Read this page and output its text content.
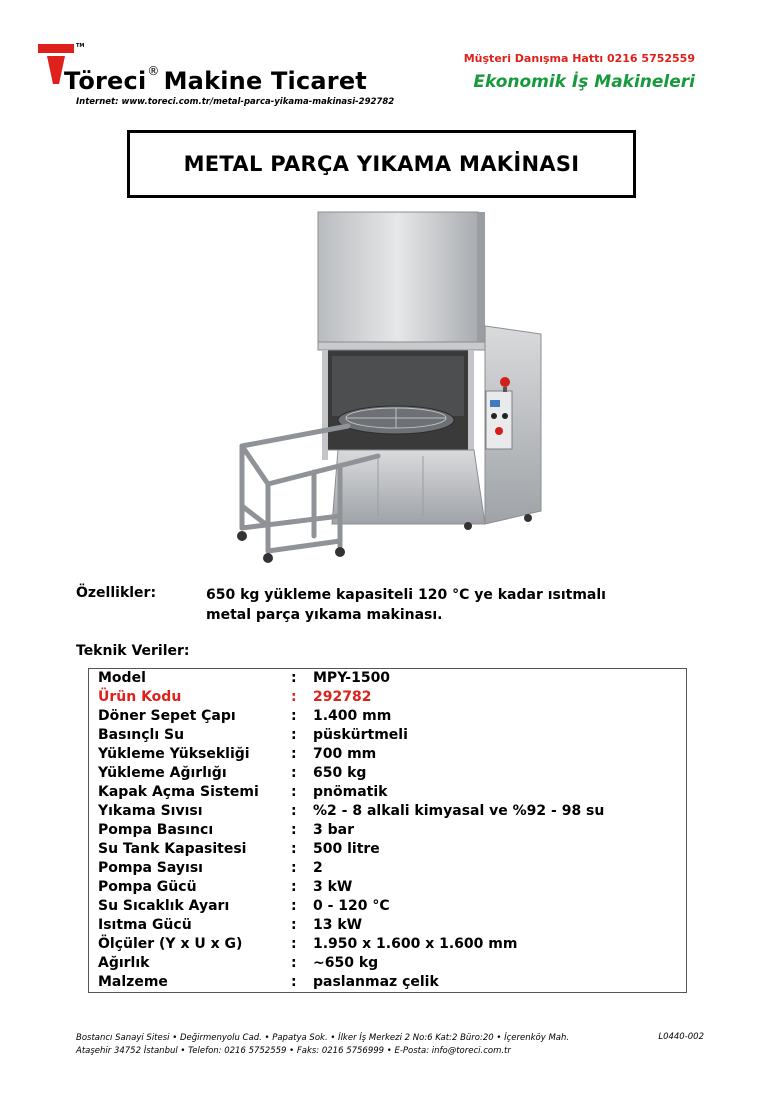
TM
Töreci® Makine Ticaret
Internet: www.toreci.com.tr/metal-parca-yikama-makinasi-292782
Müşteri Danışma Hattı 0216 5752559
Ekonomik İş Makineleri
METAL PARÇA YIKAMA MAKİNASI
Özellikler:	650 kg yükleme kapasiteli 120 °C ye kadar ısıtmalı
metal parça yıkama makinası.
Teknik Veriler:
Model	:	MPY-1500
Ürün Kodu	:	292782
Döner Sepet Çapı	:	1.400 mm
Basınçlı Su	:	püskürtmeli
Yükleme Yüksekliği	:	700 mm
Yükleme Ağırlığı	:	650 kg
Kapak Açma Sistemi	:	pnömatik
Yıkama Sıvısı	:	%2 - 8 alkali kimyasal ve %92 - 98 su
Pompa Basıncı	:	3 bar
Su Tank Kapasitesi	:	500 litre
Pompa Sayısı	:	2
Pompa Gücü	:	3 kW
Su Sıcaklık Ayarı	:	0 - 120 °C
Isıtma Gücü	:	13 kW
Ölçüler (Y x U x G)	:	1.950 x 1.600 x 1.600 mm
Ağırlık	:	~650 kg
Malzeme	:	paslanmaz çelik
Bostancı Sanayi Sitesi • Değirmenyolu Cad. • Papatya Sok. • İlker İş Merkezi 2 No:6 Kat:2 Büro:20 • İçerenköy Mah.
Ataşehir 34752 İstanbul • Telefon: 0216 5752559 • Faks: 0216 5756999 • E-Posta: info@toreci.com.tr
L0440-002
